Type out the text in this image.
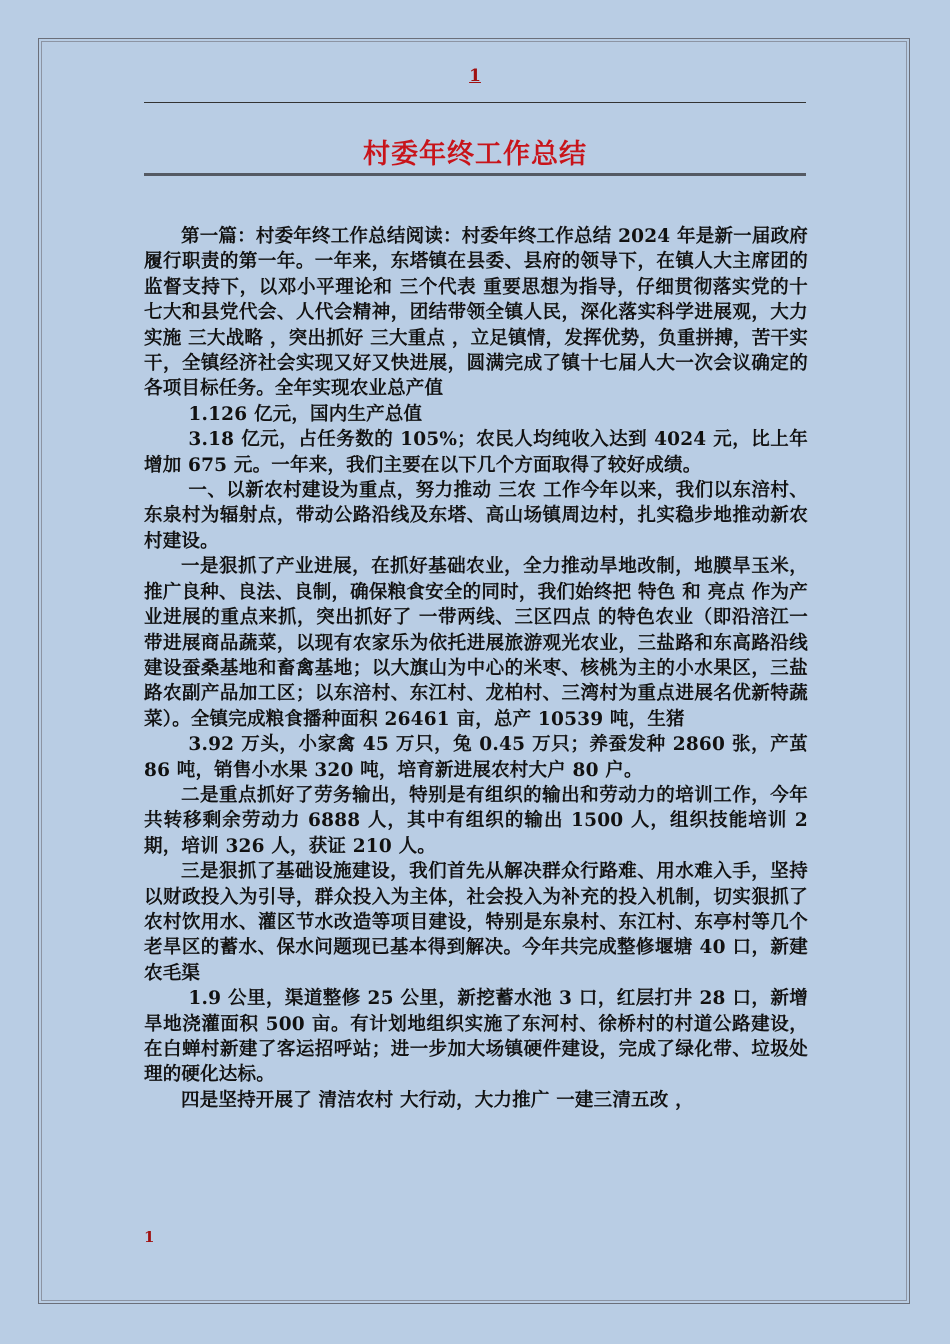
1
村委年终工作总结

第一篇：村委年终工作总结阅读：村委年终工作总结 2024 年是新一届政府履行职责的第一年。一年来，东塔镇在县委、县府的领导下，在镇人大主席团的监督支持下，以邓小平理论和 三个代表 重要思想为指导，仔细贯彻落实党的十七大和县党代会、人代会精神，团结带领全镇人民，深化落实科学进展观，大力实施 三大战略 ，突出抓好 三大重点 ，立足镇情，发挥优势，负重拼搏，苦干实干，全镇经济社会实现又好又快进展，圆满完成了镇十七届人大一次会议确定的各项目标任务。全年实现农业总产值

1.126 亿元，国内生产总值

3.18 亿元，占任务数的 105%；农民人均纯收入达到 4024 元，比上年增加 675 元。一年来，我们主要在以下几个方面取得了较好成绩。

一、以新农村建设为重点，努力推动 三农 工作今年以来，我们以东涪村、东泉村为辐射点，带动公路沿线及东塔、高山场镇周边村，扎实稳步地推动新农村建设。

一是狠抓了产业进展，在抓好基础农业，全力推动旱地改制，地膜旱玉米，推广良种、良法、良制，确保粮食安全的同时，我们始终把 特色 和 亮点 作为产业进展的重点来抓，突出抓好了 一带两线、三区四点 的特色农业（即沿涪江一带进展商品蔬菜，以现有农家乐为依托进展旅游观光农业，三盐路和东高路沿线建设蚕桑基地和畜禽基地；以大旗山为中心的米枣、核桃为主的小水果区，三盐路农副产品加工区；以东涪村、东江村、龙柏村、三湾村为重点进展名优新特蔬菜）。全镇完成粮食播种面积 26461 亩，总产 10539 吨，生猪

3.92 万头，小家禽 45 万只，兔 0.45 万只；养蚕发种 2860 张，产茧 86 吨，销售小水果 320 吨，培育新进展农村大户 80 户。

二是重点抓好了劳务输出，特别是有组织的输出和劳动力的培训工作，今年共转移剩余劳动力 6888 人，其中有组织的输出 1500 人，组织技能培训 2 期，培训 326 人，获证 210 人。

三是狠抓了基础设施建设，我们首先从解决群众行路难、用水难入手，坚持以财政投入为引导，群众投入为主体，社会投入为补充的投入机制，切实狠抓了农村饮用水、灌区节水改造等项目建设，特别是东泉村、东江村、东亭村等几个老旱区的蓄水、保水问题现已基本得到解决。今年共完成整修堰塘 40 口，新建农毛渠

1.9 公里，渠道整修 25 公里，新挖蓄水池 3 口，红层打井 28 口，新增旱地浇灌面积 500 亩。有计划地组织实施了东河村、徐桥村的村道公路建设，在白蝉村新建了客运招呼站；进一步加大场镇硬件建设，完成了绿化带、垃圾处理的硬化达标。

四是坚持开展了 清洁农村 大行动，大力推广 一建三清五改 ，

1
